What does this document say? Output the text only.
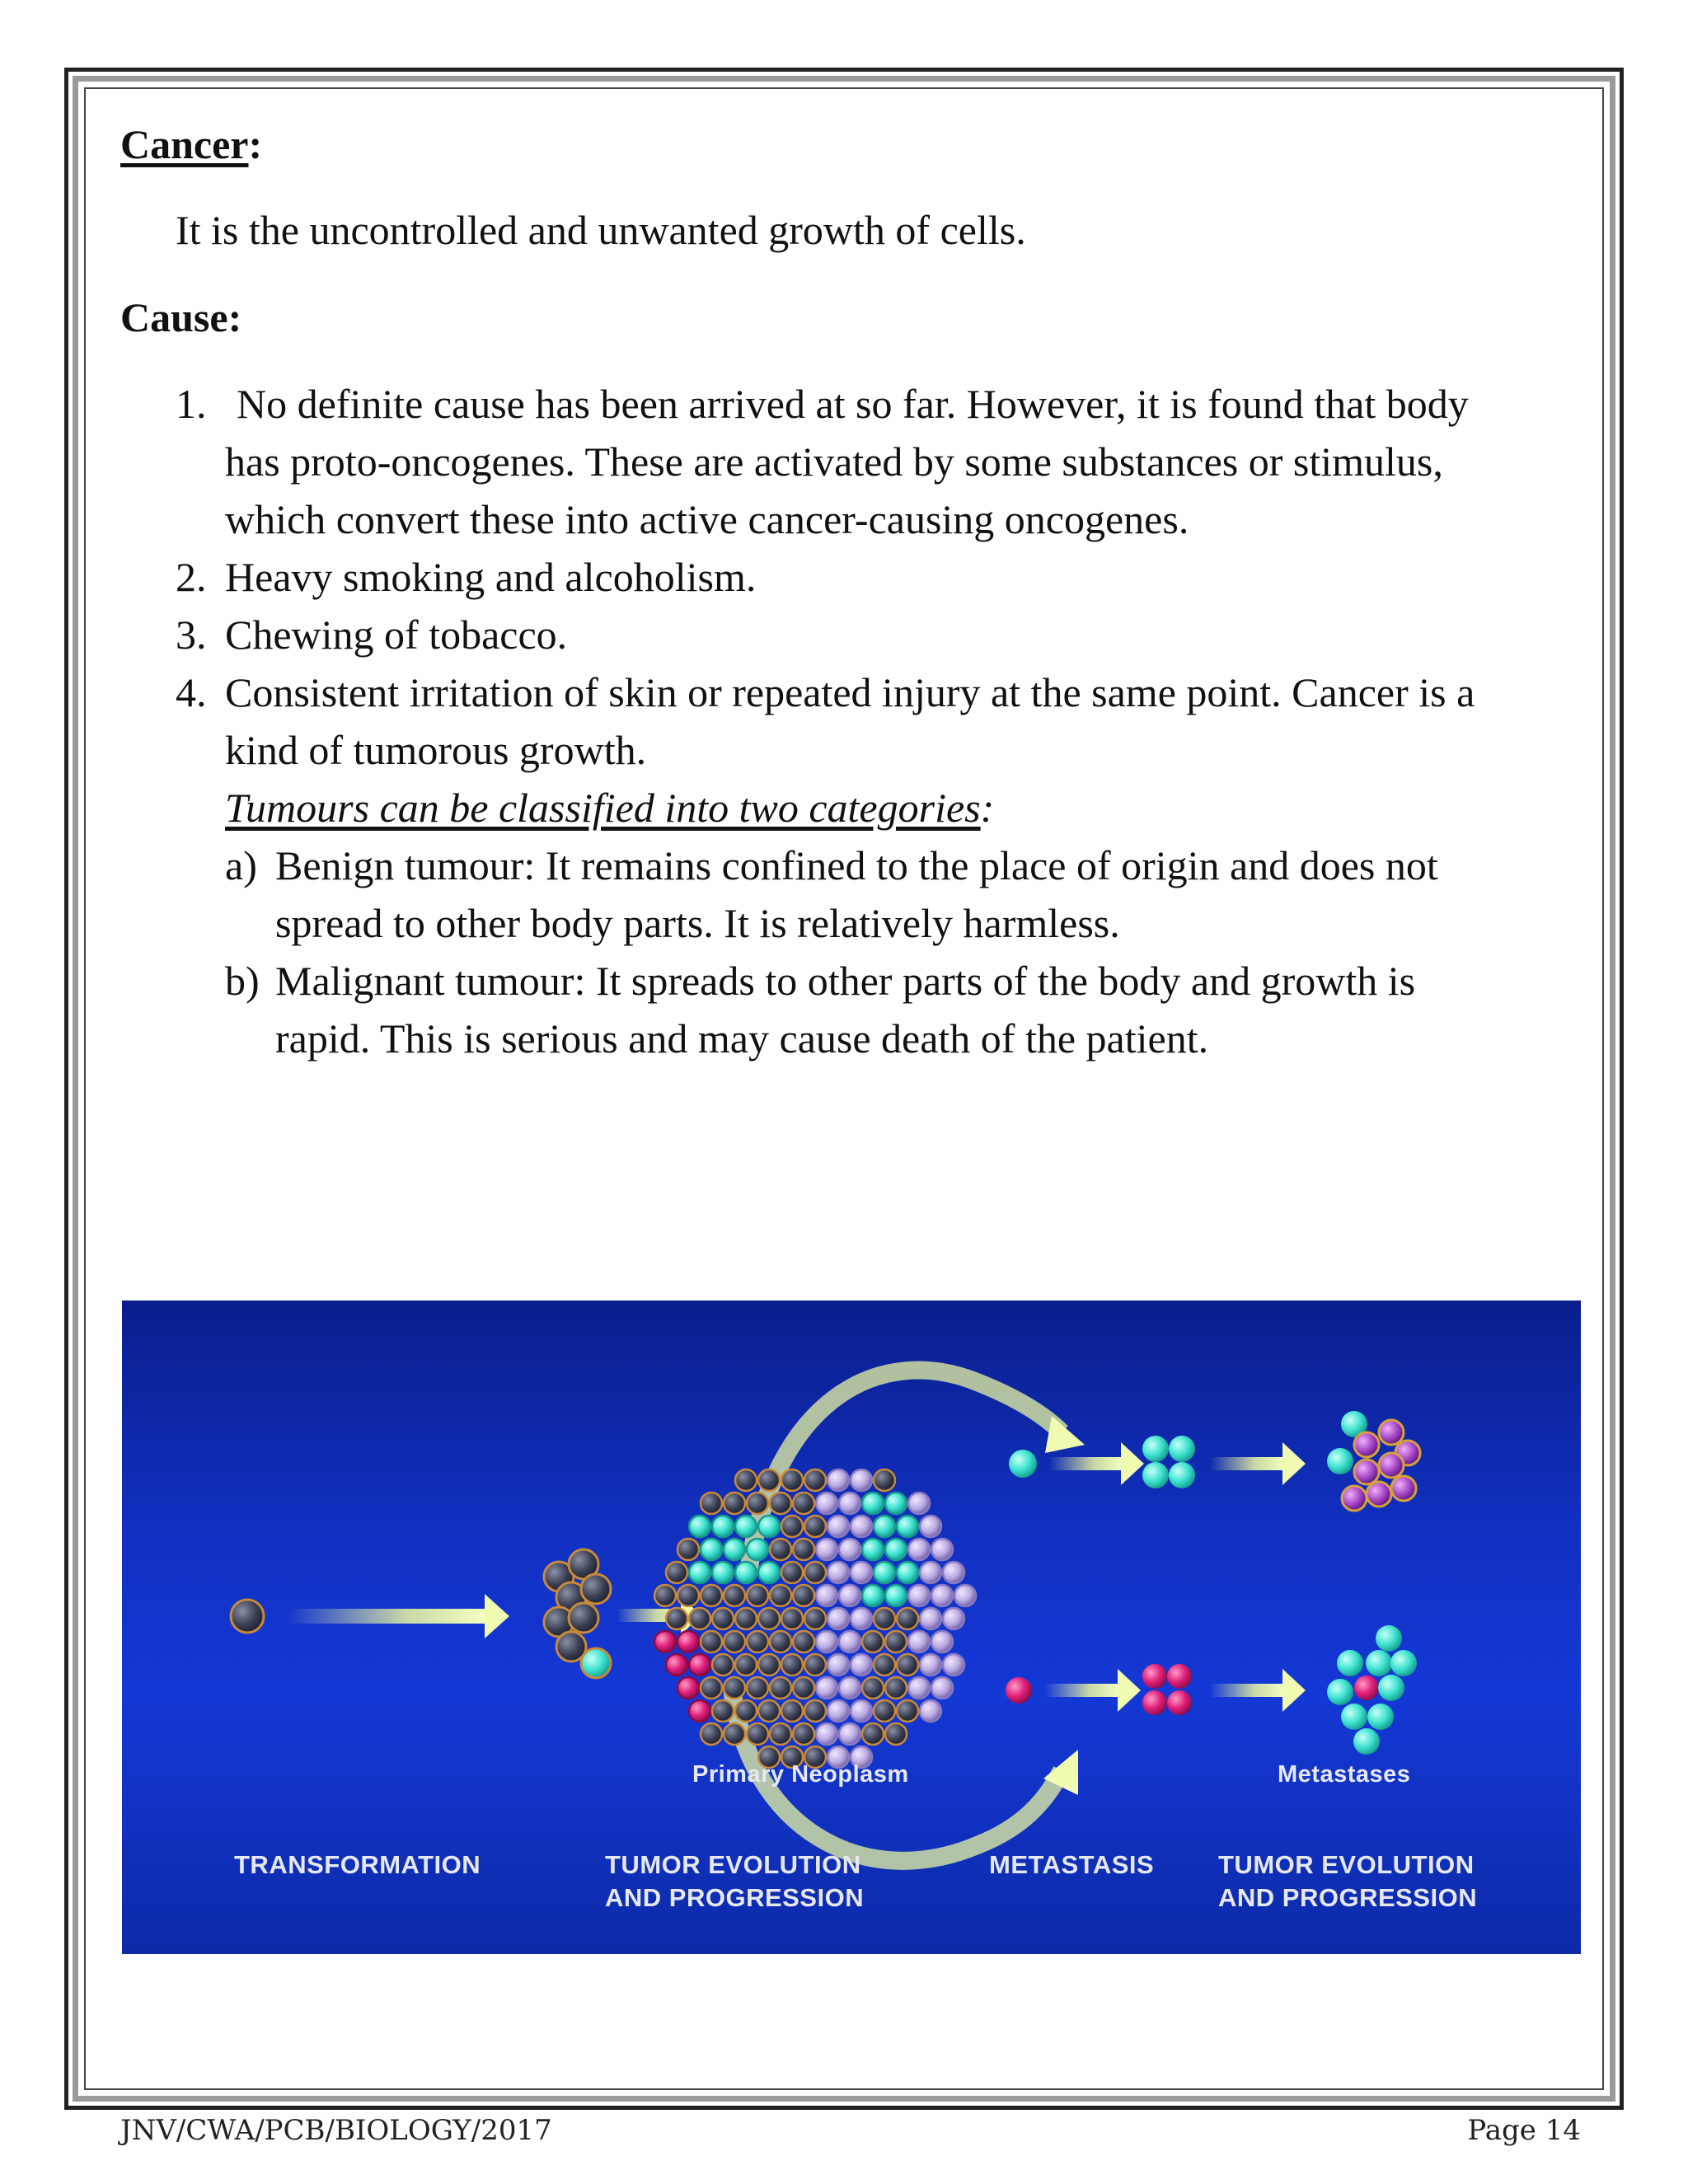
Cancer:
It is the uncontrolled and unwanted growth of cells.
Cause:
1. No definite cause has been arrived at so far. However, it is found that body
has proto-oncogenes. These are activated by some substances or stimulus,
which convert these into active cancer-causing oncogenes.
2. Heavy smoking and alcoholism.
3. Chewing of tobacco.
4. Consistent irritation of skin or repeated injury at the same point. Cancer is a
kind of tumorous growth.
Tumours can be classified into two categories:
a) Benign tumour: It remains confined to the place of origin and does not
spread to other body parts. It is relatively harmless.
b) Malignant tumour: It spreads to other parts of the body and growth is
rapid. This is serious and may cause death of the patient.
Primary Neoplasm	Metastases
TRANSFORMATION	TUMOR EVOLUTION
AND PROGRESSION
METASTASIS	TUMOR EVOLUTION
AND PROGRESSION
JNV/CWA/PCB/BIOLOGY/2017	Page 14
